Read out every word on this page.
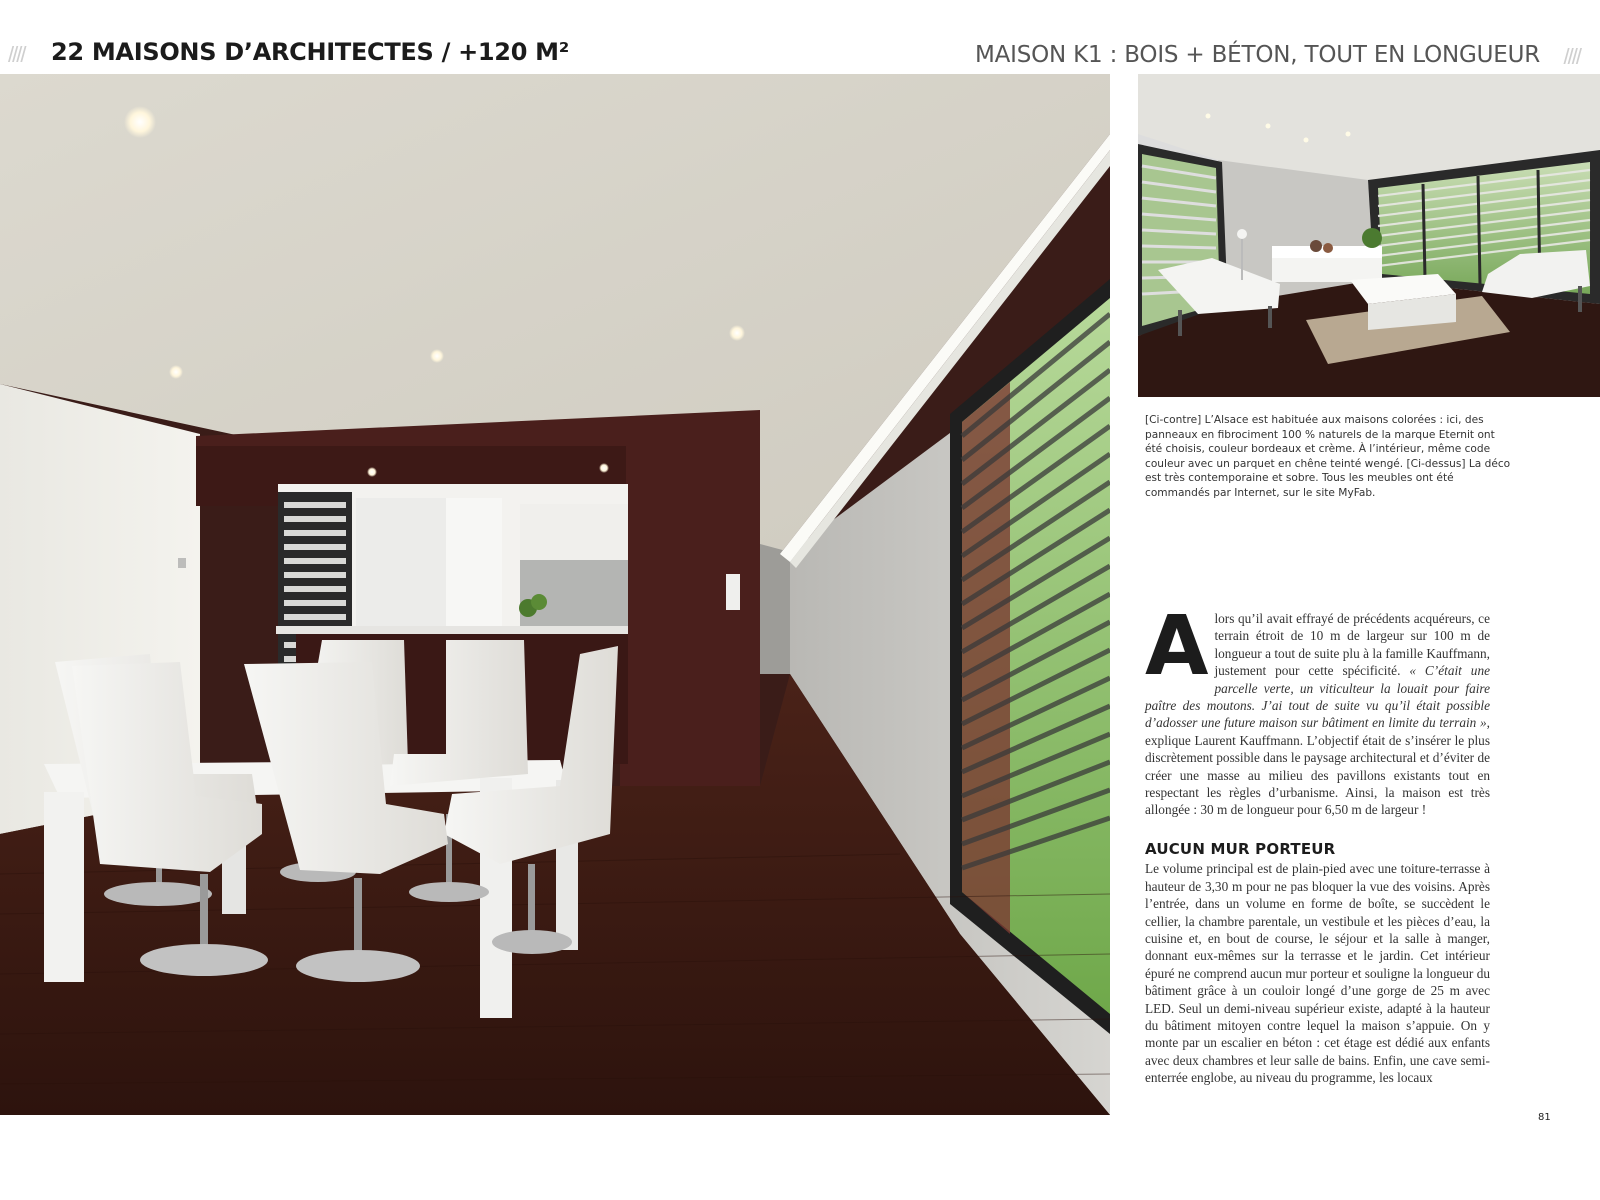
//// 22 MAISONS D’ARCHITECTES / +120 M²	MAISON K1 : BOIS + BÉTON, TOUT EN LONGUEUR ////
[Ci-contre] L’Alsace est habituée aux maisons colorées : ici, des panneaux en fibrociment 100 % naturels de la marque Eternit ont été choisis, couleur bordeaux et crème. À l’intérieur, même code couleur avec un parquet en chêne teinté wengé. [Ci-dessus] La déco est très contemporaine et sobre. Tous les meubles ont été commandés par Internet, sur le site MyFab.
A lors qu’il avait effrayé de précédents acquéreurs, ce terrain étroit de 10 m de largeur sur 100 m de longueur a tout de suite plu à la famille Kauffmann, justement pour cette spécificité. « C’était une parcelle verte, un viticulteur la louait pour faire paître des moutons. J’ai tout de suite vu qu’il était possible d’adosser une future maison sur bâtiment en limite du terrain », explique Laurent Kauffmann. L’objectif était de s’insérer le plus discrètement possible dans le paysage architectural et d’éviter de créer une masse au milieu des pavillons existants tout en respectant les règles d’urbanisme. Ainsi, la maison est très allongée : 30 m de longueur pour 6,50 m de largeur !

AUCUN MUR PORTEUR

Le volume principal est de plain-pied avec une toiture-terrasse à hauteur de 3,30 m pour ne pas bloquer la vue des voisins. Après l’entrée, dans un volume en forme de boîte, se succèdent le cellier, la chambre parentale, un vestibule et les pièces d’eau, la cuisine et, en bout de course, le séjour et la salle à manger, donnant eux-mêmes sur la terrasse et le jardin. Cet intérieur épuré ne comprend aucun mur porteur et souligne la longueur du bâtiment grâce à un couloir longé d’une gorge de 25 m avec LED. Seul un demi-niveau supérieur existe, adapté à la hauteur du bâtiment mitoyen contre lequel la maison s’appuie. On y monte par un escalier en béton : cet étage est dédié aux enfants avec deux chambres et leur salle de bains. Enfin, une cave semi-enterrée englobe, au niveau du programme, les locaux

81
